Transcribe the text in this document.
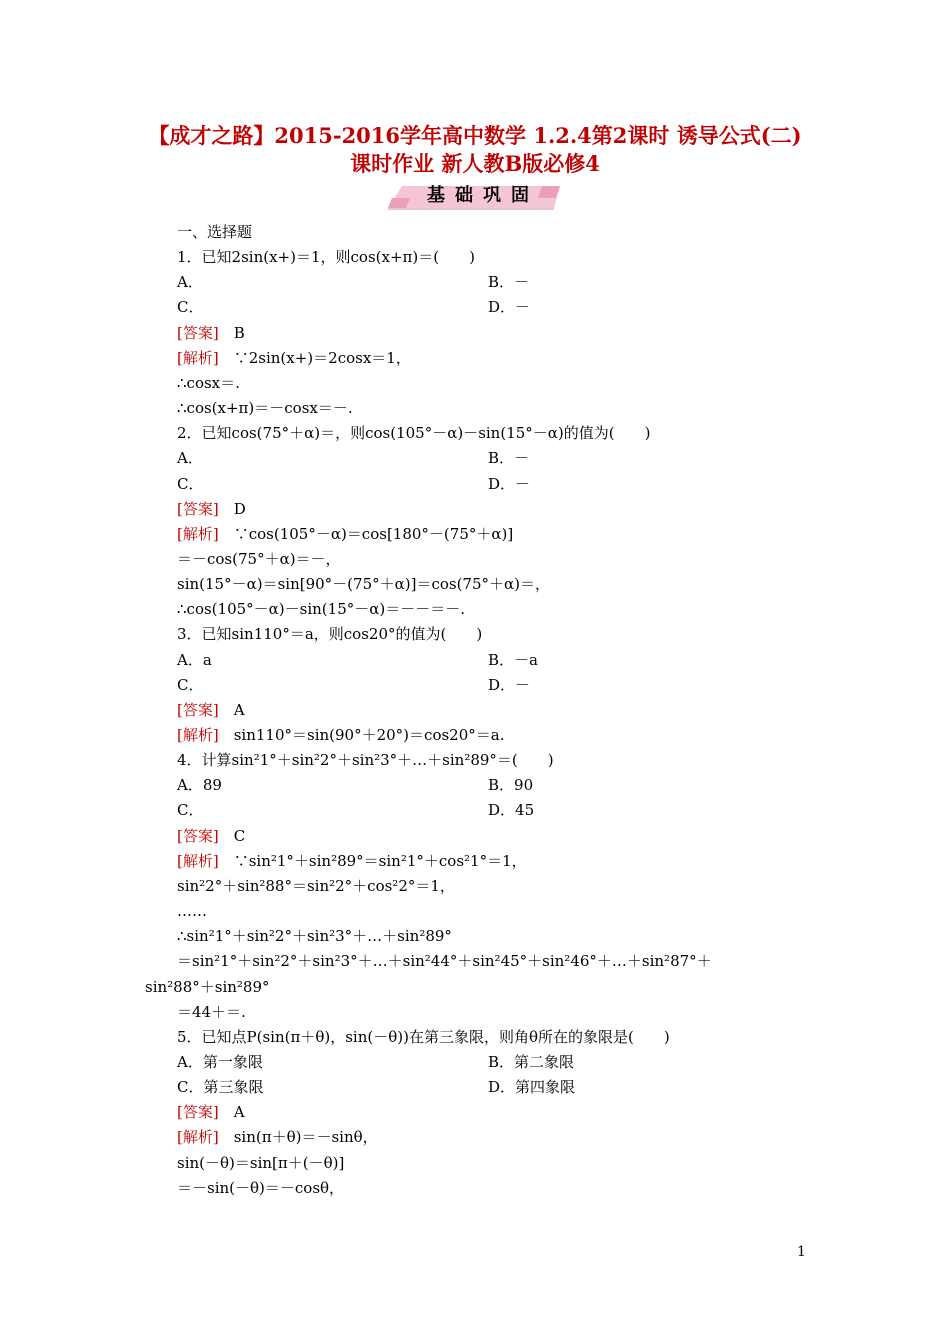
【成才之路】2015-2016学年高中数学 1.2.4第2课时 诱导公式(二)
课时作业 新人教B版必修4
基础巩固
一、选择题
1．已知2sin(x+)＝1，则cos(x+π)＝(　　)
A．	B．－
C．	D．－
[答案]　B
[解析]　∵2sin(x+)＝2cosx＝1，
∴cosx＝.
∴cos(x+π)＝－cosx＝－.
2．已知cos(75°＋α)＝，则cos(105°－α)－sin(15°－α)的值为(　　)
A．	B．－
C．	D．－
[答案]　D
[解析]　∵cos(105°－α)＝cos[180°－(75°＋α)]
＝－cos(75°＋α)＝－，
sin(15°－α)＝sin[90°－(75°＋α)]＝cos(75°＋α)＝，
∴cos(105°－α)－sin(15°－α)＝－－＝－.
3．已知sin110°＝a，则cos20°的值为(　　)
A．a	B．－a
C．	D．－
[答案]　A
[解析]　sin110°＝sin(90°＋20°)＝cos20°＝a.
4．计算sin²1°＋sin²2°＋sin²3°＋…＋sin²89°＝(　　)
A．89	B．90
C．	D．45
[答案]　C
[解析]　∵sin²1°＋sin²89°＝sin²1°＋cos²1°＝1，
sin²2°＋sin²88°＝sin²2°＋cos²2°＝1，
……
∴sin²1°＋sin²2°＋sin²3°＋…＋sin²89°
＝sin²1°＋sin²2°＋sin²3°＋…＋sin²44°＋sin²45°＋sin²46°＋…＋sin²87°＋
sin²88°＋sin²89°
＝44＋＝.
5．已知点P(sin(π＋θ)，sin(－θ))在第三象限，则角θ所在的象限是(　　)
A．第一象限	B．第二象限
C．第三象限	D．第四象限
[答案]　A
[解析]　sin(π＋θ)＝－sinθ，
sin(－θ)＝sin[π＋(－θ)]
＝－sin(－θ)＝－cosθ，
1
